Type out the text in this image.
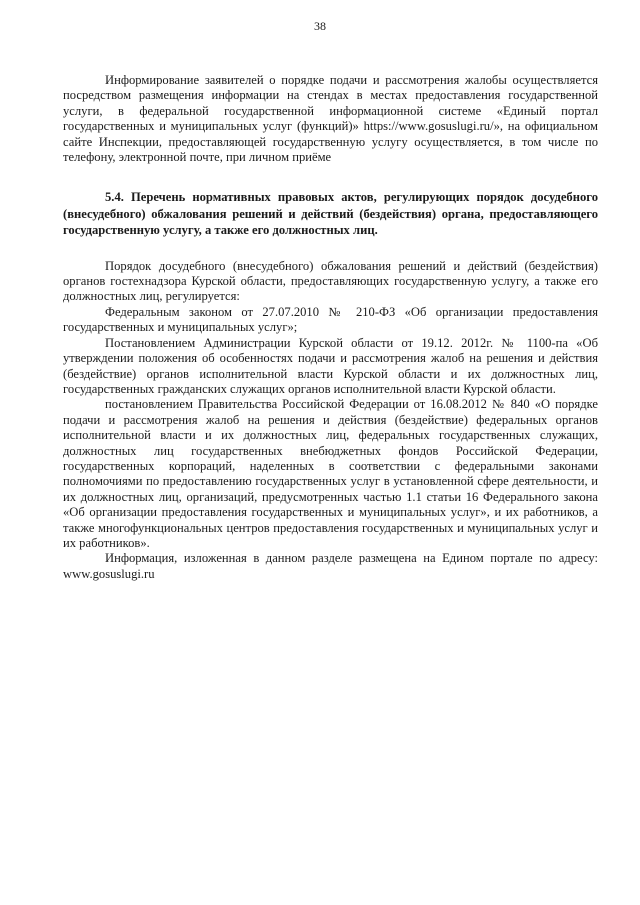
38

Информирование заявителей о порядке подачи и рассмотрения жалобы осуществляется посредством размещения информации на стендах в местах предоставления государственной услуги, в федеральной государственной информационной системе «Единый портал государственных и муниципальных услуг (функций)» https://www.gosuslugi.ru/», на официальном сайте Инспекции, предоставляющей государственную услугу осуществляется, в том числе по телефону, электронной почте, при личном приёме

5.4. Перечень нормативных правовых актов, регулирующих порядок досудебного (внесудебного) обжалования решений и действий (бездействия) органа, предоставляющего государственную услугу, а также его должностных лиц.

Порядок досудебного (внесудебного) обжалования решений и действий (бездействия) органов гостехнадзора Курской области, предоставляющих государственную услугу, а также его должностных лиц, регулируется:

Федеральным законом от 27.07.2010 № 210-ФЗ «Об организации предоставления государственных и муниципальных услуг»;

Постановлением Администрации Курской области от 19.12. 2012г. № 1100-па «Об утверждении положения об особенностях подачи и рассмотрения жалоб на решения и действия (бездействие) органов исполнительной власти Курской области и их должностных лиц, государственных гражданских служащих органов исполнительной власти Курской области.

постановлением Правительства Российской Федерации от 16.08.2012 № 840 «О порядке подачи и рассмотрения жалоб на решения и действия (бездействие) федеральных органов исполнительной власти и их должностных лиц, федеральных государственных служащих, должностных лиц государственных внебюджетных фондов Российской Федерации, государственных корпораций, наделенных в соответствии с федеральными законами полномочиями по предоставлению государственных услуг в установленной сфере деятельности, и их должностных лиц, организаций, предусмотренных частью 1.1 статьи 16 Федерального закона «Об организации предоставления государственных и муниципальных услуг», и их работников, а также многофункциональных центров предоставления государственных и муниципальных услуг и их работников».

Информация, изложенная в данном разделе размещена на Едином портале по адресу: www.gosuslugi.ru
